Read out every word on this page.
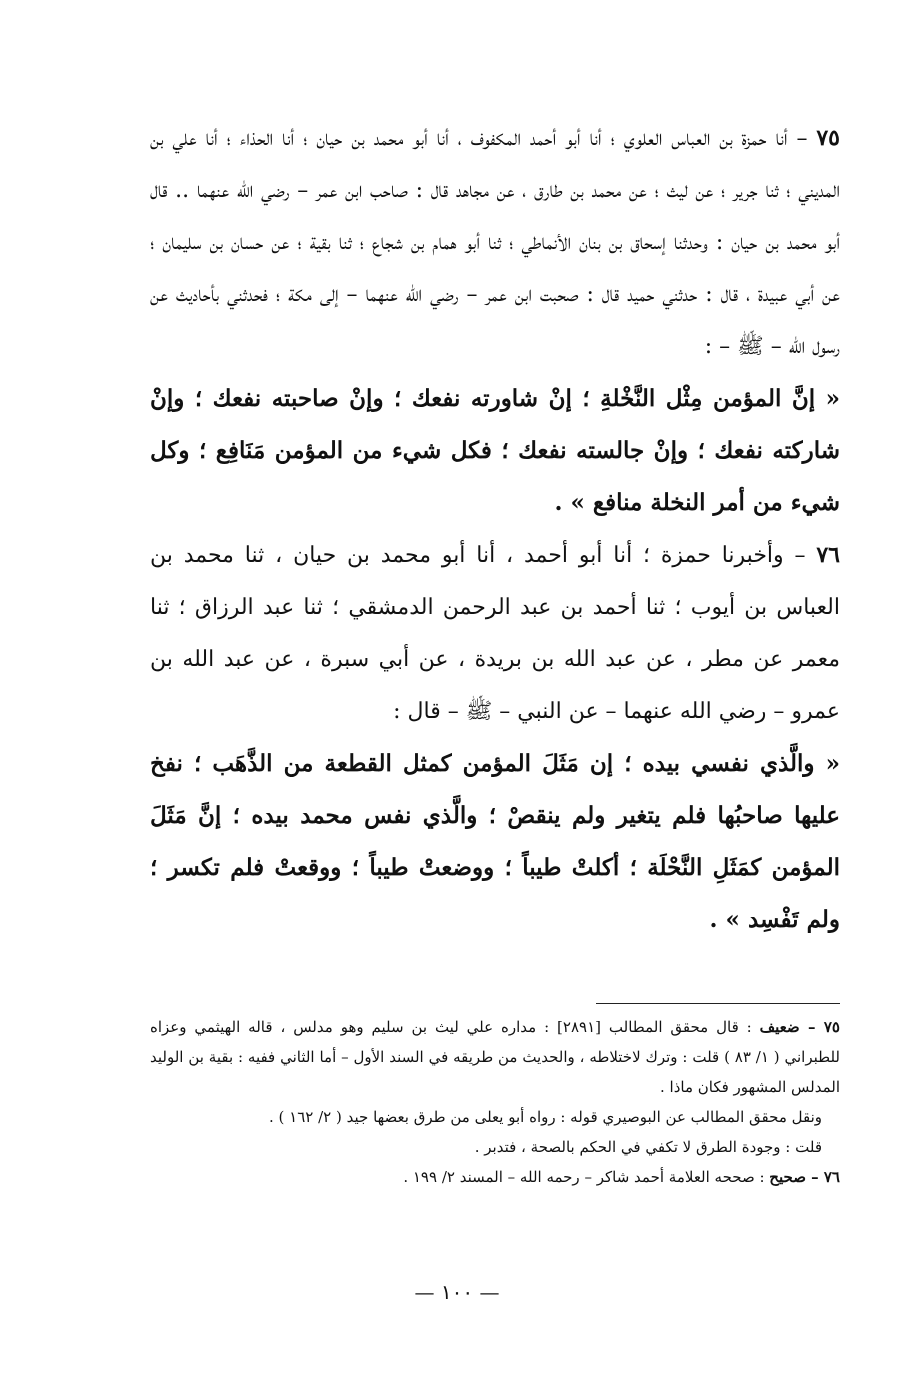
٧٥ – أنا حمزة بن العباس العلوي ؛ أنا أبو أحمد المكفوف ، أنا أبو محمد بن حيان ؛ أنا الحذاء ؛ أنا علي بن المديني ؛ ثنا جرير ؛ عن ليث ؛ عن محمد بن طارق ، عن مجاهد قال : صاحب ابن عمر – رضي الله عنهما .. قال أبو محمد بن حيان : وحدثنا إسحاق بن بنان الأنماطي ؛ ثنا أبو همام بن شجاع ؛ ثنا بقية ؛ عن حسان بن سليمان ؛ عن أبي عبيدة ، قال : حدثني حميد قال : صحبت ابن عمر – رضي الله عنهما – إلى مكة ؛ فحدثني بأحاديث عن رسول الله – ﷺ – :

« إنَّ المؤمن مِثْل النَّخْلةِ ؛ إنْ شاورته نفعك ؛ وإنْ صاحبته نفعك ؛ وإنْ شاركته نفعك ؛ وإنْ جالسته نفعك ؛ فكل شيء من المؤمن مَنَافِع ؛ وكل شيء من أمر النخلة منافع » .

٧٦ – وأخبرنا حمزة ؛ أنا أبو أحمد ، أنا أبو محمد بن حيان ، ثنا محمد بن العباس بن أيوب ؛ ثنا أحمد بن عبد الرحمن الدمشقي ؛ ثنا عبد الرزاق ؛ ثنا معمر عن مطر ، عن عبد الله بن بريدة ، عن أبي سبرة ، عن عبد الله بن عمرو – رضي الله عنهما – عن النبي – ﷺ – قال :

« والَّذي نفسي بيده ؛ إن مَثَلَ المؤمن كمثل القطعة من الذَّهَب ؛ نفخ عليها صاحبُها فلم يتغير ولم ينقصْ ؛ والَّذي نفس محمد بيده ؛ إنَّ مَثَلَ المؤمن كمَثَلِ النَّحْلَة ؛ أكلتْ طيباً ؛ ووضعتْ طيباً ؛ ووقعتْ فلم تكسر ؛ ولم تَفْسِد » .

٧٥ – ضعيف : قال محقق المطالب [٢٨٩١] : مداره علي ليث بن سليم وهو مدلس ، قاله الهيثمي وعزاه للطبراني ( ١/ ٨٣ ) قلت : وترك لاختلاطه ، والحديث من طريقه في السند الأول – أما الثاني ففيه : بقية بن الوليد المدلس المشهور فكان ماذا .

ونقل محقق المطالب عن البوصيري قوله : رواه أبو يعلى من طرق بعضها جيد ( ٢/ ١٦٢ ) .

قلت : وجودة الطرق لا تكفي في الحكم بالصحة ، فتدبر .

٧٦ – صحيح : صححه العلامة أحمد شاكر – رحمه الله – المسند ٢/ ١٩٩ .

— ١٠٠ —
